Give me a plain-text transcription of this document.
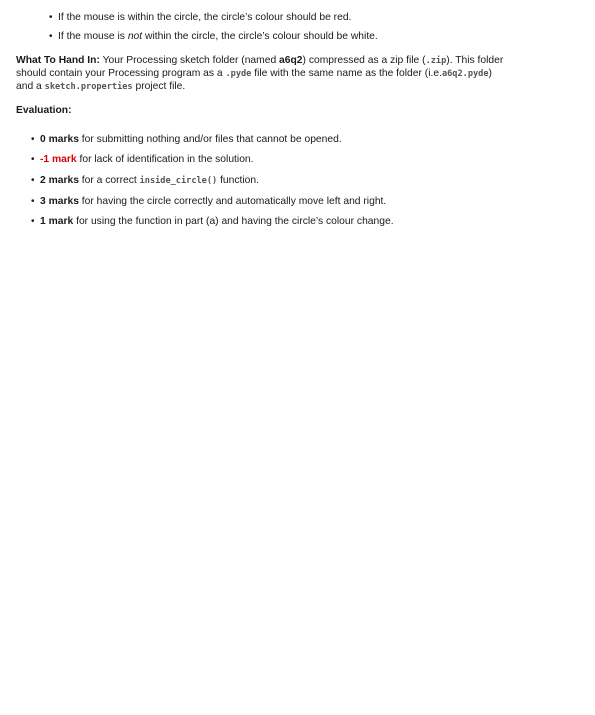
• If the mouse is within the circle, the circle’s colour should be red.
• If the mouse is not within the circle, the circle’s colour should be white.
What To Hand In: Your Processing sketch folder (named a6q2) compressed as a zip file (.zip). This folder
should contain your Processing program as a .pyde file with the same name as the folder (i.e.a6q2.pyde)
and a sketch.properties project file.
Evaluation:
• 0 marks for submitting nothing and/or files that cannot be opened.
• -1 mark for lack of identification in the solution.
• 2 marks for a correct inside_circle() function.
• 3 marks for having the circle correctly and automatically move left and right.
• 1 mark for using the function in part (a) and having the circle’s colour change.
